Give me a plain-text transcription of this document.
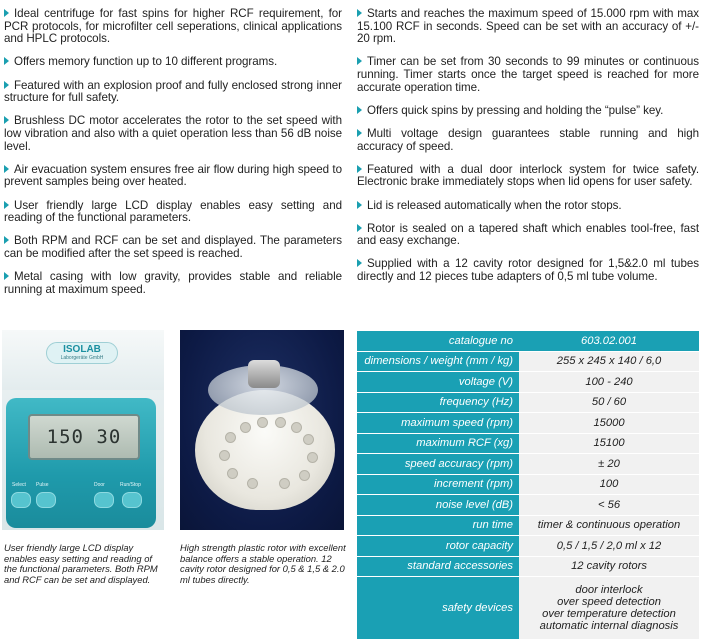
Ideal centrifuge for fast spins for higher RCF requirement, for PCR protocols, for microfilter cell seperations, clinical applications and HPLC protocols.
Offers memory function up to 10 different programs.
Featured with an explosion proof and fully enclosed strong inner structure for full safety.
Brushless DC motor accelerates the rotor to the set speed with low vibration and also with a quiet operation less than 56 dB noise level.
Air evacuation system ensures free air flow during high speed to prevent samples being over heated.
User friendly large LCD display enables easy setting and reading of the functional parameters.
Both RPM and RCF can be set and displayed. The parameters can be modified after the set speed is reached.
Metal casing with low gravity, provides stable and reliable running at maximum speed.
Starts and reaches the maximum speed of 15.000 rpm with max 15.100 RCF in seconds. Speed can be set with an accuracy of +/- 20 rpm.
Timer can be set from 30 seconds to 99 minutes or continuous running. Timer starts once the target speed is reached for more accurate operation time.
Offers quick spins by pressing and holding the “pulse” key.
Multi voltage design guarantees stable running and high accuracy of speed.
Featured with a dual door interlock system for twice safety. Electronic brake immediately stops when lid opens for user safety.
Lid is released automatically when the rotor stops.
Rotor is sealed on a tapered shaft which enables tool-free, fast and easy exchange.
Supplied with a 12 cavity rotor designed for 1,5&2.0 ml tubes directly and 12 pieces tube adapters of 0,5 ml tube volume.
ISOLAB
Laborgeräte GmbH
150 30
Select Pulse	Door	Run/Stop
User friendly large LCD display enables easy setting and reading of the functional parameters. Both RPM and RCF can be set and displayed.
High strength plastic rotor with excellent balance offers a stable operation. 12 cavity rotor designed for 0,5 & 1,5 & 2.0 ml tubes directly.
catalogue no	603.02.001
dimensions / weight (mm / kg)	255 x 245 x 140 / 6,0
voltage (V)	100 - 240
frequency (Hz)	50 / 60
maximum speed (rpm)	15000
maximum RCF (xg)	15100
speed accuracy (rpm)	± 20
increment (rpm)	100
noise level (dB)	< 56
run time	timer & continuous operation
rotor capacity	0,5 / 1,5 / 2,0 ml x 12
standard accessories	12 cavity rotors
safety devices	door interlock
over speed detection
over temperature detection
automatic internal diagnosis
